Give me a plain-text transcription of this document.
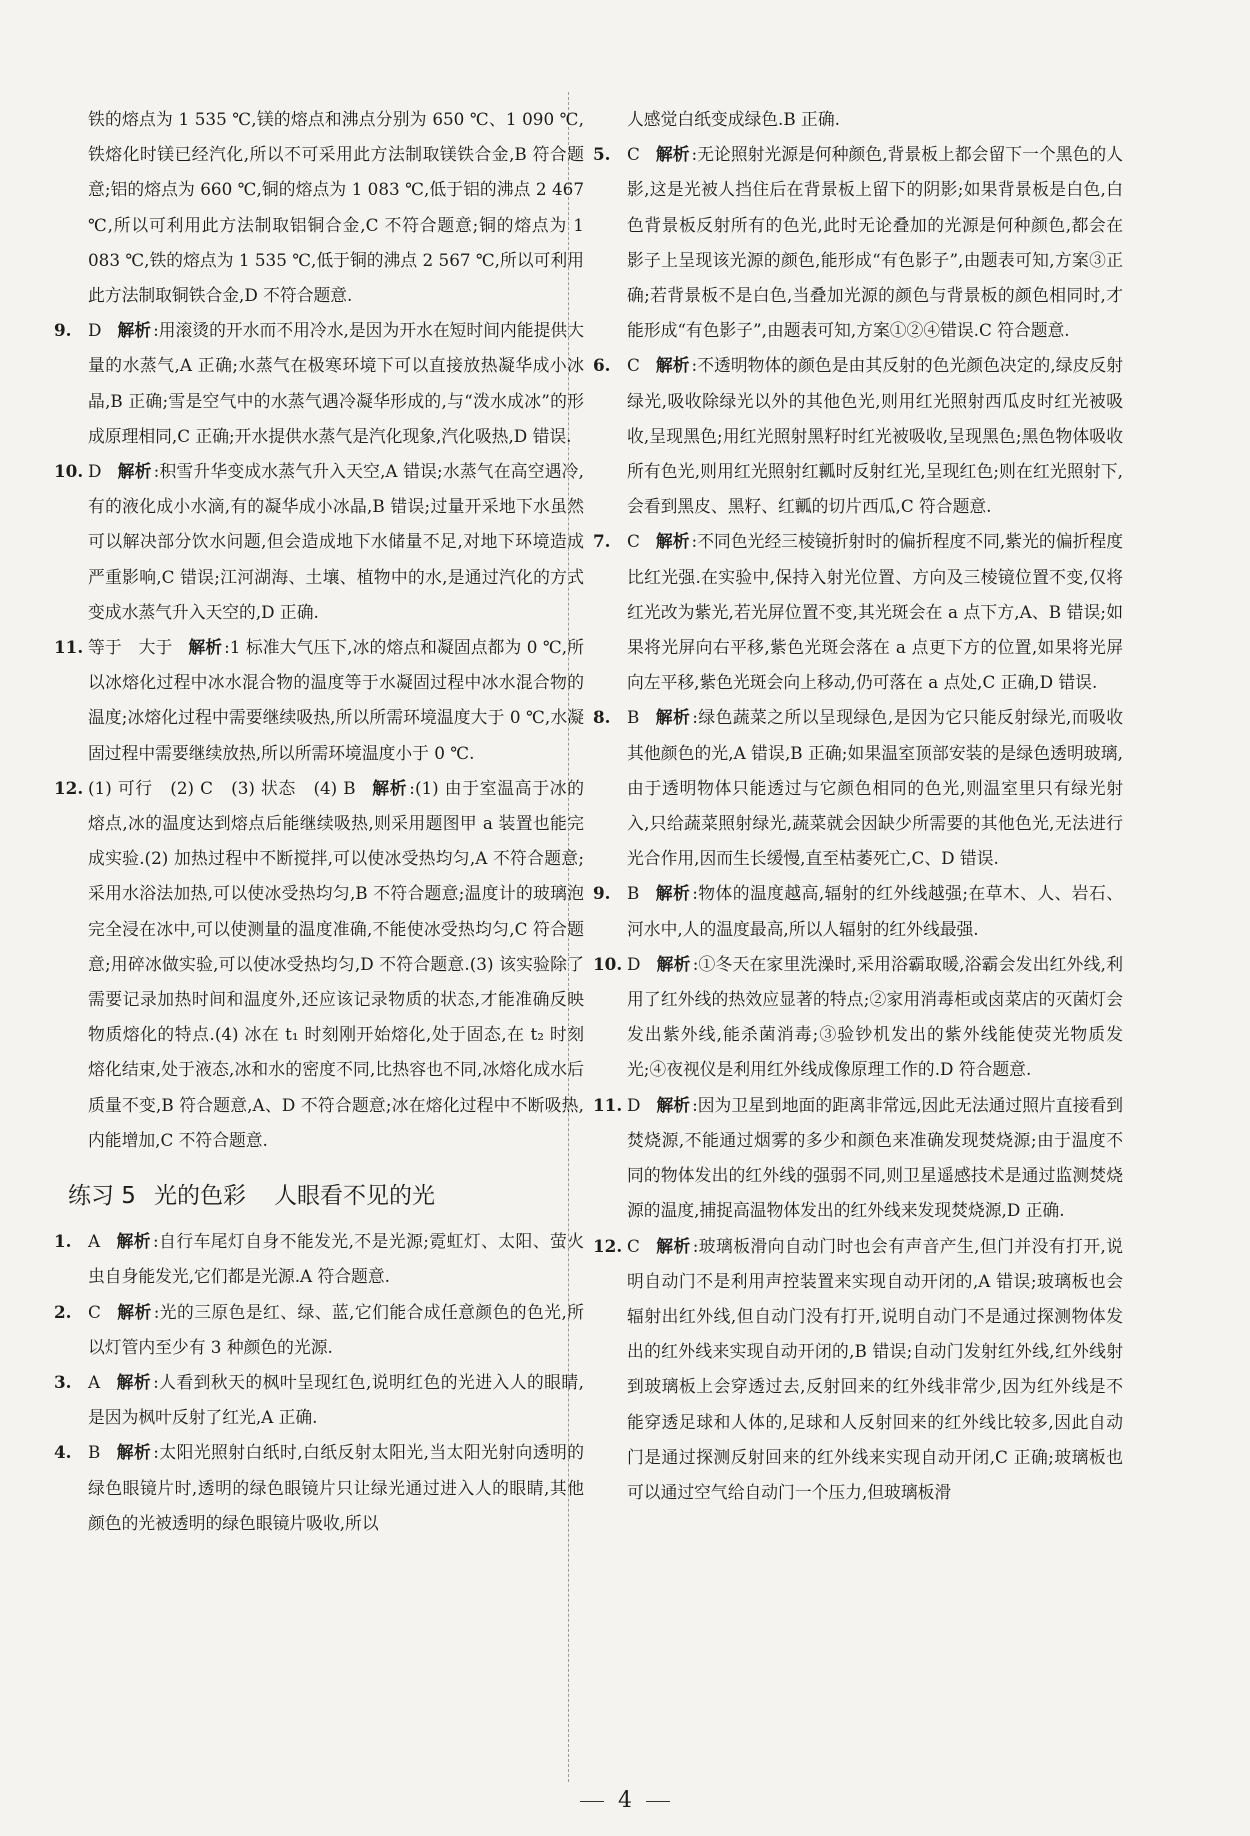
铁的熔点为 1 535 ℃,镁的熔点和沸点分别为 650 ℃、1 090 ℃,铁熔化时镁已经汽化,所以不可采用此方法制取镁铁合金,B 符合题意;铝的熔点为 660 ℃,铜的熔点为 1 083 ℃,低于铝的沸点 2 467 ℃,所以可利用此方法制取铝铜合金,C 不符合题意;铜的熔点为 1 083 ℃,铁的熔点为 1 535 ℃,低于铜的沸点 2 567 ℃,所以可利用此方法制取铜铁合金,D 不符合题意.
9. D 解析 :用滚烫的开水而不用冷水,是因为开水在短时间内能提供大量的水蒸气,A 正确;水蒸气在极寒环境下可以直接放热凝华成小冰晶,B 正确;雪是空气中的水蒸气遇冷凝华形成的,与“泼水成冰”的形成原理相同,C 正确;开水提供水蒸气是汽化现象,汽化吸热,D 错误.
10. D 解析 :积雪升华变成水蒸气升入天空,A 错误;水蒸气在高空遇冷,有的液化成小水滴,有的凝华成小冰晶,B 错误;过量开采地下水虽然可以解决部分饮水问题,但会造成地下水储量不足,对地下环境造成严重影响,C 错误;江河湖海、土壤、植物中的水,是通过汽化的方式变成水蒸气升入天空的,D 正确.
11. 等于　大于 解析 :1 标准大气压下,冰的熔点和凝固点都为 0 ℃,所以冰熔化过程中冰水混合物的温度等于水凝固过程中冰水混合物的温度;冰熔化过程中需要继续吸热,所以所需环境温度大于 0 ℃,水凝固过程中需要继续放热,所以所需环境温度小于 0 ℃.
12. (1) 可行　(2) C　(3) 状态　(4) B 解析 :(1) 由于室温高于冰的熔点,冰的温度达到熔点后能继续吸热,则采用题图甲 a 装置也能完成实验.(2) 加热过程中不断搅拌,可以使冰受热均匀,A 不符合题意;采用水浴法加热,可以使冰受热均匀,B 不符合题意;温度计的玻璃泡完全浸在冰中,可以使测量的温度准确,不能使冰受热均匀,C 符合题意;用碎冰做实验,可以使冰受热均匀,D 不符合题意.(3) 该实验除了需要记录加热时间和温度外,还应该记录物质的状态,才能准确反映物质熔化的特点.(4) 冰在 t₁ 时刻刚开始熔化,处于固态,在 t₂ 时刻熔化结束,处于液态,冰和水的密度不同,比热容也不同,冰熔化成水后质量不变,B 符合题意,A、D 不符合题意;冰在熔化过程中不断吸热,内能增加,C 不符合题意.
练习 5 光的色彩 人眼看不见的光
1. A 解析 :自行车尾灯自身不能发光,不是光源;霓虹灯、太阳、萤火虫自身能发光,它们都是光源.A 符合题意.
2. C 解析 :光的三原色是红、绿、蓝,它们能合成任意颜色的色光,所以灯管内至少有 3 种颜色的光源.
3. A 解析 :人看到秋天的枫叶呈现红色,说明红色的光进入人的眼睛,是因为枫叶反射了红光,A 正确.
4. B 解析 :太阳光照射白纸时,白纸反射太阳光,当太阳光射向透明的绿色眼镜片时,透明的绿色眼镜片只让绿光通过进入人的眼睛,其他颜色的光被透明的绿色眼镜片吸收,所以
人感觉白纸变成绿色.B 正确.
5. C 解析 :无论照射光源是何种颜色,背景板上都会留下一个黑色的人影,这是光被人挡住后在背景板上留下的阴影;如果背景板是白色,白色背景板反射所有的色光,此时无论叠加的光源是何种颜色,都会在影子上呈现该光源的颜色,能形成“有色影子”,由题表可知,方案③正确;若背景板不是白色,当叠加光源的颜色与背景板的颜色相同时,才能形成“有色影子”,由题表可知,方案①②④错误.C 符合题意.
6. C 解析 :不透明物体的颜色是由其反射的色光颜色决定的,绿皮反射绿光,吸收除绿光以外的其他色光,则用红光照射西瓜皮时红光被吸收,呈现黑色;用红光照射黑籽时红光被吸收,呈现黑色;黑色物体吸收所有色光,则用红光照射红瓤时反射红光,呈现红色;则在红光照射下,会看到黑皮、黑籽、红瓤的切片西瓜,C 符合题意.
7. C 解析 :不同色光经三棱镜折射时的偏折程度不同,紫光的偏折程度比红光强.在实验中,保持入射光位置、方向及三棱镜位置不变,仅将红光改为紫光,若光屏位置不变,其光斑会在 a 点下方,A、B 错误;如果将光屏向右平移,紫色光斑会落在 a 点更下方的位置,如果将光屏向左平移,紫色光斑会向上移动,仍可落在 a 点处,C 正确,D 错误.
8. B 解析 :绿色蔬菜之所以呈现绿色,是因为它只能反射绿光,而吸收其他颜色的光,A 错误,B 正确;如果温室顶部安装的是绿色透明玻璃,由于透明物体只能透过与它颜色相同的色光,则温室里只有绿光射入,只给蔬菜照射绿光,蔬菜就会因缺少所需要的其他色光,无法进行光合作用,因而生长缓慢,直至枯萎死亡,C、D 错误.
9. B 解析 :物体的温度越高,辐射的红外线越强;在草木、人、岩石、河水中,人的温度最高,所以人辐射的红外线最强.
10. D 解析 :①冬天在家里洗澡时,采用浴霸取暖,浴霸会发出红外线,利用了红外线的热效应显著的特点;②家用消毒柜或卤菜店的灭菌灯会发出紫外线,能杀菌消毒;③验钞机发出的紫外线能使荧光物质发光;④夜视仪是利用红外线成像原理工作的.D 符合题意.
11. D 解析 :因为卫星到地面的距离非常远,因此无法通过照片直接看到焚烧源,不能通过烟雾的多少和颜色来准确发现焚烧源;由于温度不同的物体发出的红外线的强弱不同,则卫星遥感技术是通过监测焚烧源的温度,捕捉高温物体发出的红外线来发现焚烧源,D 正确.
12. C 解析 :玻璃板滑向自动门时也会有声音产生,但门并没有打开,说明自动门不是利用声控装置来实现自动开闭的,A 错误;玻璃板也会辐射出红外线,但自动门没有打开,说明自动门不是通过探测物体发出的红外线来实现自动开闭的,B 错误;自动门发射红外线,红外线射到玻璃板上会穿透过去,反射回来的红外线非常少,因为红外线是不能穿透足球和人体的,足球和人反射回来的红外线比较多,因此自动门是通过探测反射回来的红外线来实现自动开闭,C 正确;玻璃板也可以通过空气给自动门一个压力,但玻璃板滑
4
